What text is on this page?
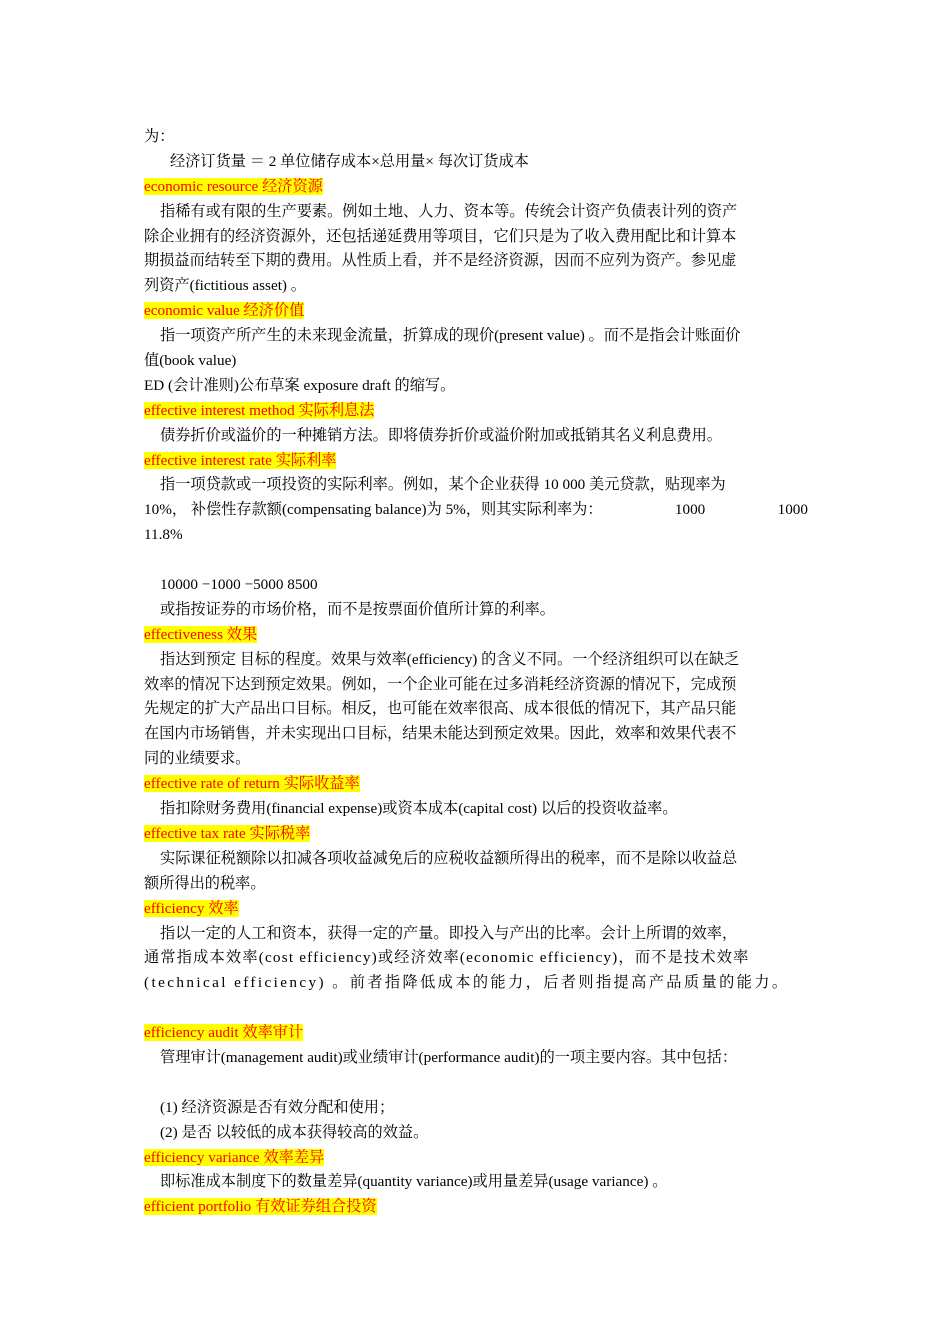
为：
经济订货量 ＝ 2 单位储存成本×总用量× 每次订货成本
economic resource 经济资源
指稀有或有限的生产要素。例如土地、人力、资本等。传统会计资产负债表计列的资产
除企业拥有的经济资源外，还包括递延费用等项目，它们只是为了收入费用配比和计算本
期损益而结转至下期的费用。从性质上看，并不是经济资源，因而不应列为资产。参见虚
列资产(fictitious asset) 。
economic value 经济价值
指一项资产所产生的未来现金流量，折算成的现价(present value) 。而不是指会计账面价
值(book value)
ED (会计准则)公布草案 exposure draft 的缩写。
effective interest method 实际利息法
债券折价或溢价的一种摊销方法。即将债券折价或溢价附加或抵销其名义利息费用。
effective interest rate 实际利率
指一项贷款或一项投资的实际利率。例如，某个企业获得 10 000 美元贷款，贴现率为
10%， 补偿性存款额(compensating balance)为 5%，则其实际利率为：	1000	1000
11.8%
10000 −1000 −5000 8500
或指按证券的市场价格，而不是按票面价值所计算的利率。
effectiveness 效果
指达到预定 目标的程度。效果与效率(efficiency) 的含义不同。一个经济组织可以在缺乏
效率的情况下达到预定效果。例如，一个企业可能在过多消耗经济资源的情况下，完成预
先规定的扩大产品出口目标。相反，也可能在效率很高、成本很低的情况下，其产品只能
在国内市场销售，并未实现出口目标，结果未能达到预定效果。因此，效率和效果代表不
同的业绩要求。
effective rate of return 实际收益率
指扣除财务费用(financial expense)或资本成本(capital cost) 以后的投资收益率。
effective tax rate 实际税率
实际课征税额除以扣减各项收益减免后的应税收益额所得出的税率，而不是除以收益总
额所得出的税率。
efficiency 效率
指以一定的人工和资本，获得一定的产量。即投入与产出的比率。会计上所谓的效率，
通常指成本效率(cost efficiency)或经济效率(economic efficiency)，而不是技术效率
(technical efficiency) 。前者指降低成本的能力，后者则指提高产品质量的能力。
efficiency audit 效率审计
管理审计(management audit)或业绩审计(performance audit)的一项主要内容。其中包括：
(1) 经济资源是否有效分配和使用；
(2) 是否 以较低的成本获得较高的效益。
efficiency variance 效率差异
即标准成本制度下的数量差异(quantity variance)或用量差异(usage variance) 。
efficient portfolio 有效证券组合投资
